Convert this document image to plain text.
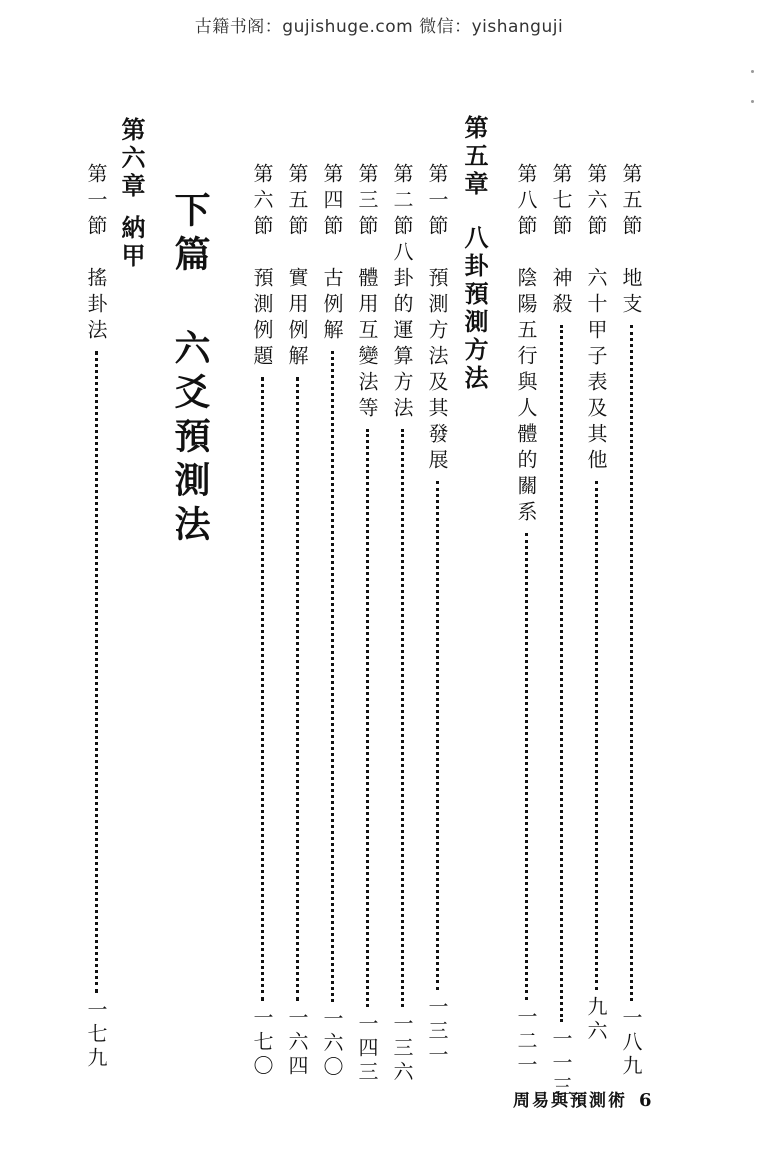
古籍书阁：gujishuge.com 微信：yishanguji
第五節地支一八九
第六節六十甲子表及其他九六
第七節神殺一一三
第八節陰陽五行與人體的關系一二一
第五章八卦預測方法
第一節預測方法及其發展一三一
第二節八卦的運算方法一三六
第三節體用互變法等一四三
第四節古例解一六〇
第五節實用例解一六四
第六節預測例題一七〇
下篇六爻預測法
第六章納甲
第一節搖卦法一七九
周易與預測術 6
